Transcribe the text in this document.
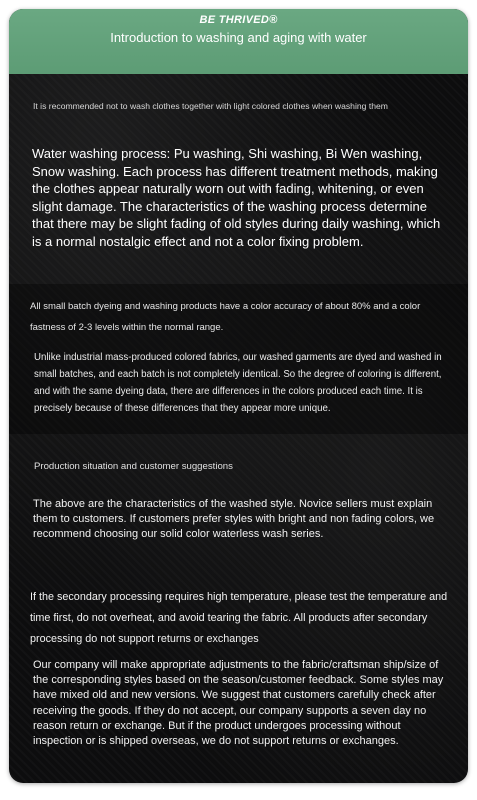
BE THRIVED®
Introduction to washing and aging with water

It is recommended not to wash clothes together with light colored clothes when washing them

Water washing process: Pu washing, Shi washing, Bi Wen washing, Snow washing. Each process has different treatment methods, making the clothes appear naturally worn out with fading, whitening, or even slight damage. The characteristics of the washing process determine that there may be slight fading of old styles during daily washing, which is a normal nostalgic effect and not a color fixing problem.

All small batch dyeing and washing products have a color accuracy of about 80% and a color fastness of 2-3 levels within the normal range.

Unlike industrial mass-produced colored fabrics, our washed garments are dyed and washed in small batches, and each batch is not completely identical. So the degree of coloring is different, and with the same dyeing data, there are differences in the colors produced each time. It is precisely because of these differences that they appear more unique.

Production situation and customer suggestions

The above are the characteristics of the washed style. Novice sellers must explain them to customers. If customers prefer styles with bright and non fading colors, we recommend choosing our solid color waterless wash series.

If the secondary processing requires high temperature, please test the temperature and time first, do not overheat, and avoid tearing the fabric. All products after secondary processing do not support returns or exchanges

Our company will make appropriate adjustments to the fabric/craftsman ship/size of the corresponding styles based on the season/customer feedback. Some styles may have mixed old and new versions. We suggest that customers carefully check after receiving the goods. If they do not accept, our company supports a seven day no reason return or exchange. But if the product undergoes processing without inspection or is shipped overseas, we do not support returns or exchanges.
